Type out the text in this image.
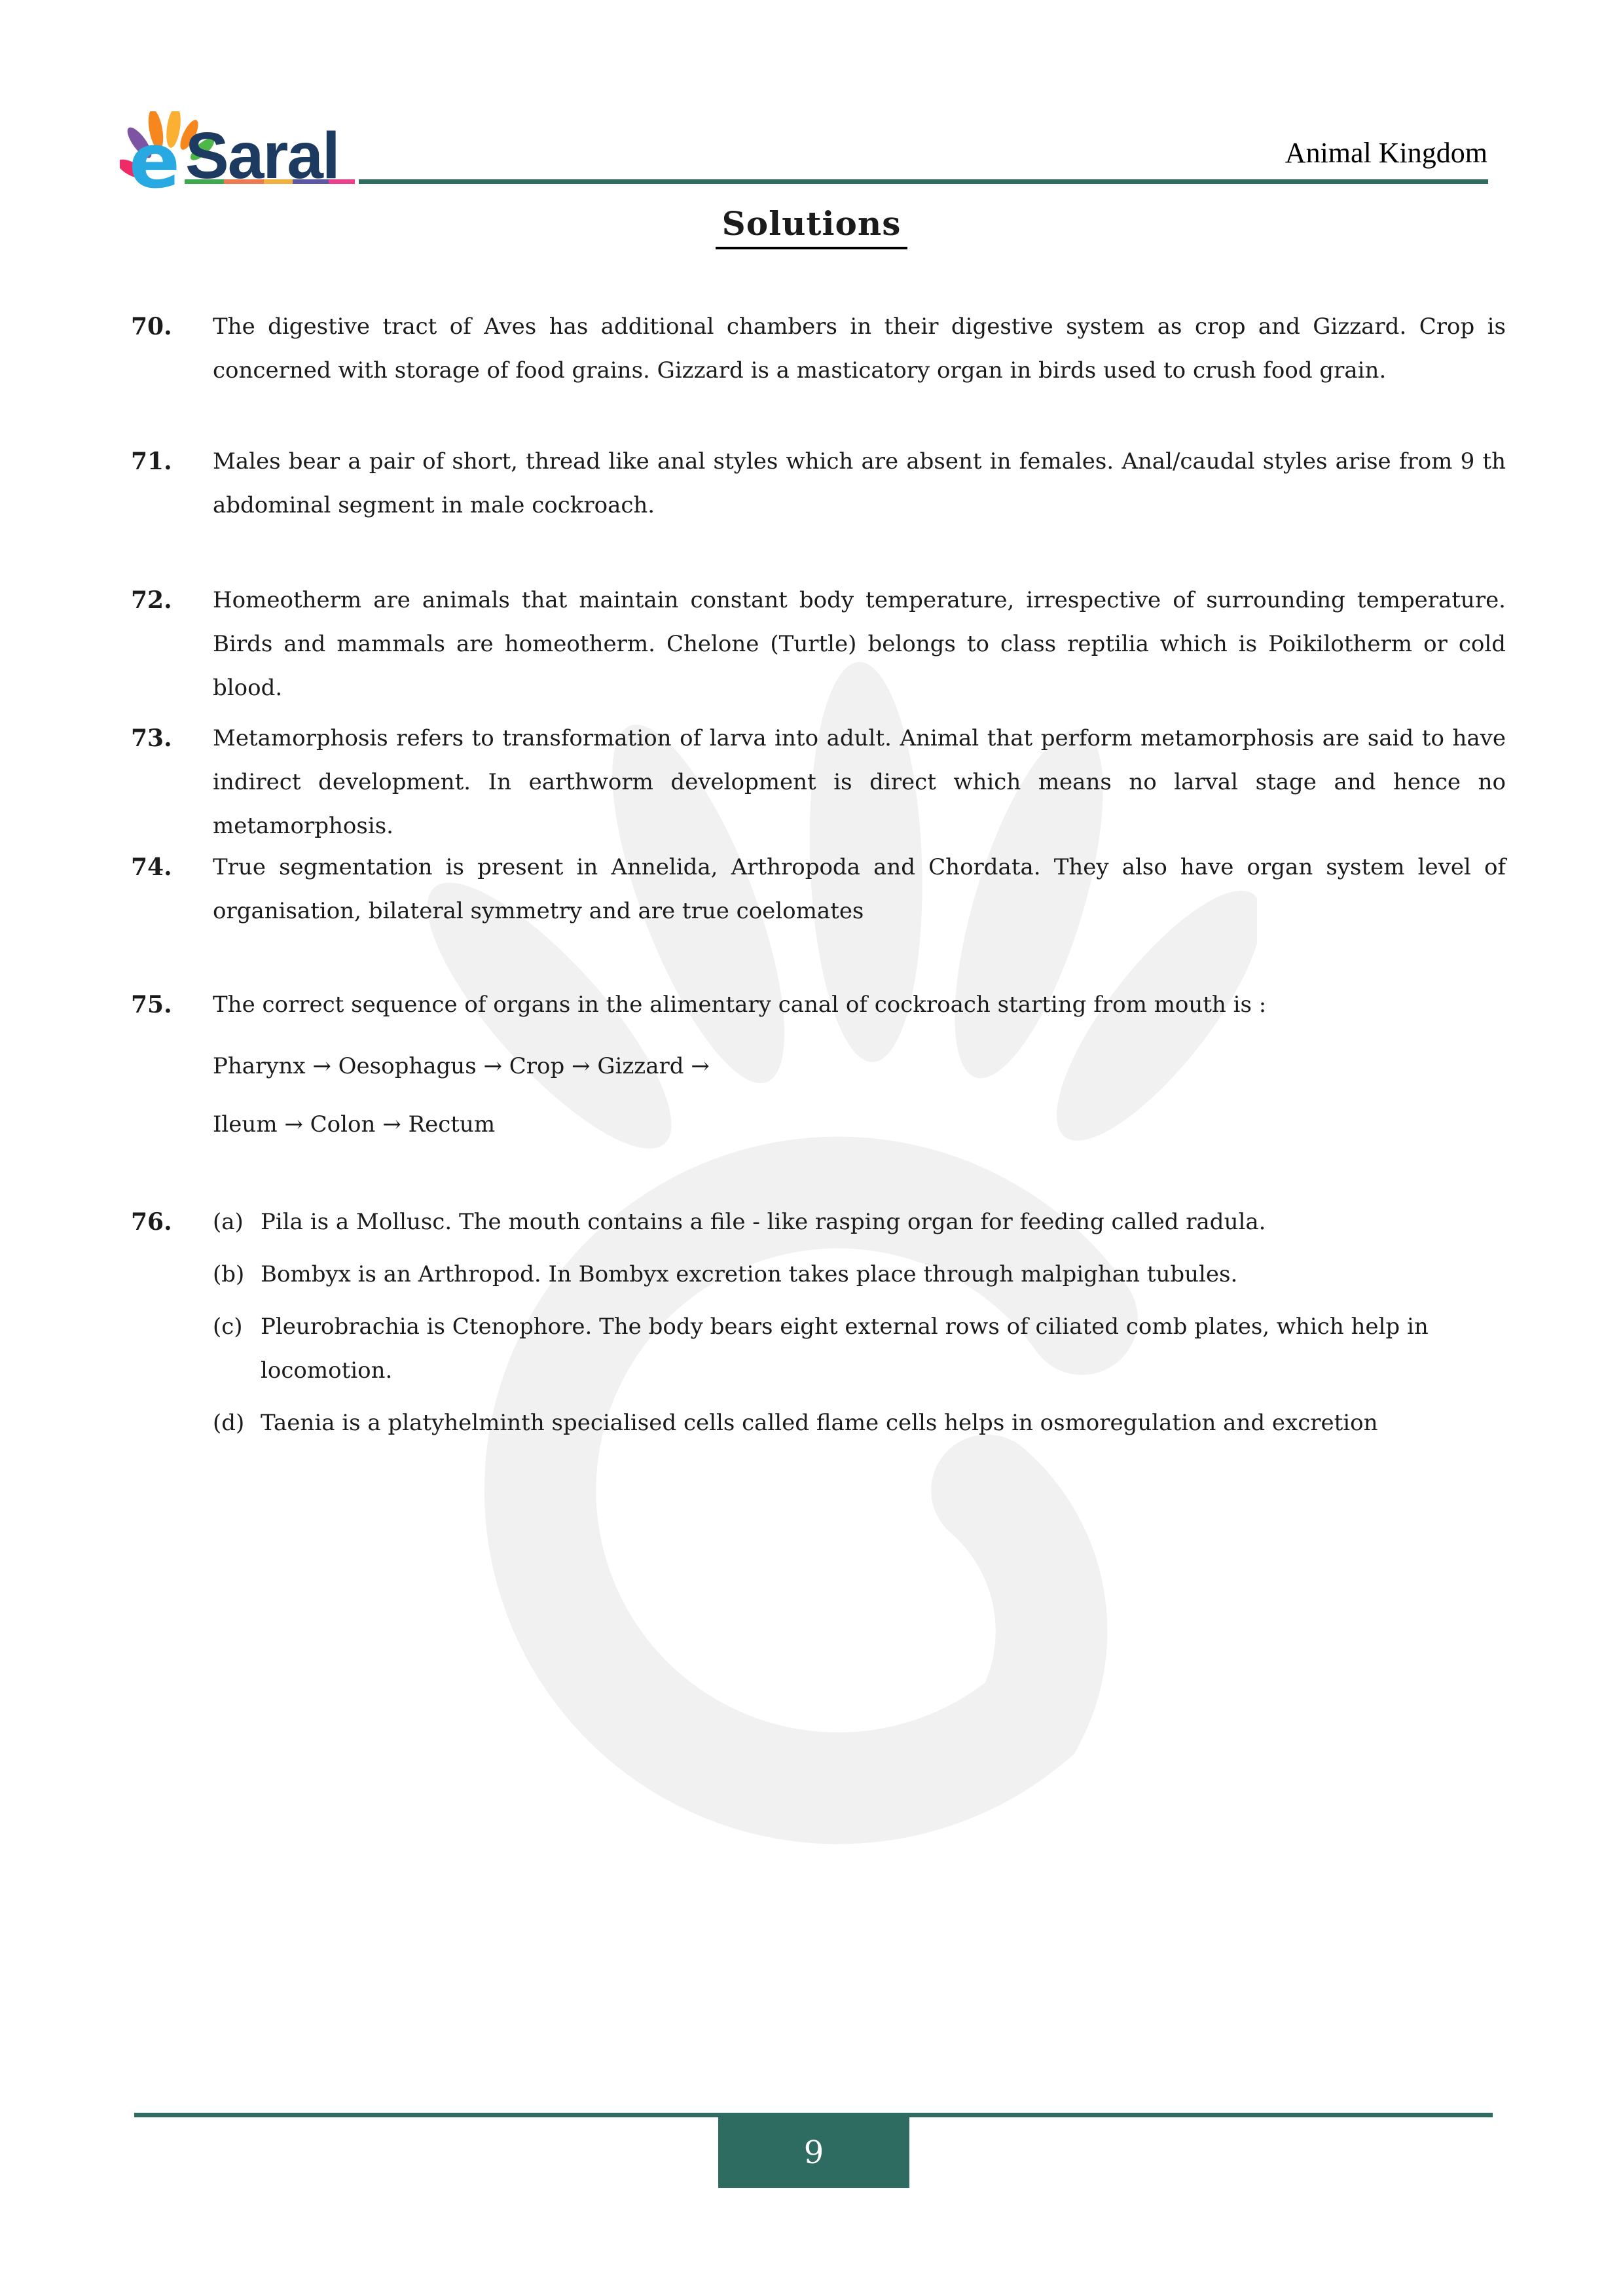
e Saral	Animal Kingdom
Solutions
70.	The digestive tract of Aves has additional chambers in their digestive system as crop and Gizzard. Crop is concerned with storage of food grains. Gizzard is a masticatory organ in birds used to crush food grain.
71.	Males bear a pair of short, thread like anal styles which are absent in females. Anal/caudal styles arise from 9 th abdominal segment in male cockroach.
72.	Homeotherm are animals that maintain constant body temperature, irrespective of surrounding temperature. Birds and mammals are homeotherm. Chelone (Turtle) belongs to class reptilia which is Poikilotherm or cold blood.
73.	Metamorphosis refers to transformation of larva into adult. Animal that perform metamorphosis are said to have indirect development. In earthworm development is direct which means no larval stage and hence no metamorphosis.
74.	True segmentation is present in Annelida, Arthropoda and Chordata. They also have organ system level of organisation, bilateral symmetry and are true coelomates
75.	The correct sequence of organs in the alimentary canal of cockroach starting from mouth is :
Pharynx → Oesophagus → Crop → Gizzard →
Ileum → Colon → Rectum
76.	(a) Pila is a Mollusc. The mouth contains a file - like rasping organ for feeding called radula.
(b) Bombyx is an Arthropod. In Bombyx excretion takes place through malpighan tubules.
(c) Pleurobrachia is Ctenophore. The body bears eight external rows of ciliated comb plates, which help in locomotion.
(d) Taenia is a platyhelminth specialised cells called flame cells helps in osmoregulation and excretion
9
